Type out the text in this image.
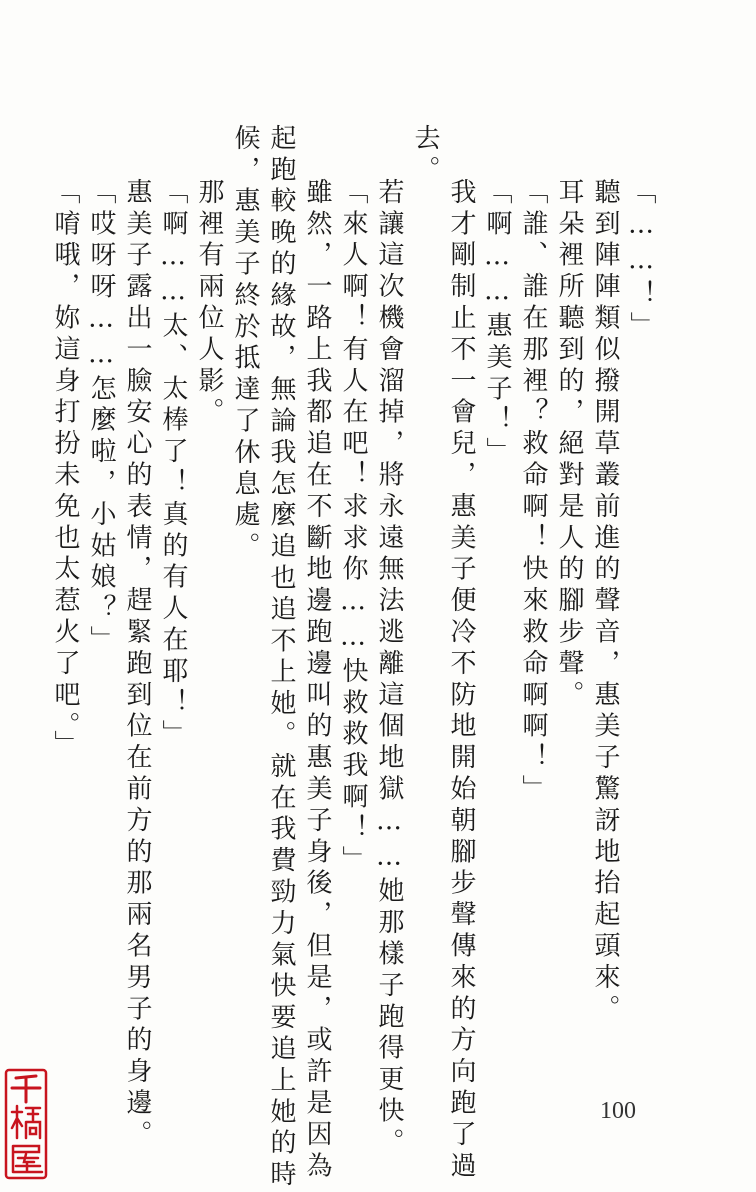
去。
我才剛制止不一會兒，惠美子便冷不防地開始朝腳步聲傳來的方向跑了過 「啊……惠美子！」 「誰、誰在那裡？救命啊！快來救命啊啊！」 耳朵裡所聽到的，絕對是人的腳步聲。 聽到陣陣類似撥開草叢前進的聲音，惠美子驚訝地抬起頭來。 「……！」
若讓這次機會溜掉，將永遠無法逃離這個地獄……她那樣子跑得更快。
「來人啊！有人在吧！求求你……快救救我啊！」
雖然，一路上我都追在不斷地邊跑邊叫的惠美子身後，但是，或許是因為
起跑較晚的緣故，無論我怎麼追也追不上她。就在我費勁力氣快要追上她的時
候，惠美子終於抵達了休息處。
那裡有兩位人影。
「啊……太、太棒了！真的有人在耶！」
惠美子露出一臉安心的表情，趕緊跑到位在前方的那兩名男子的身邊。
「哎呀呀……怎麼啦，小姑娘？」
「唷哦，妳這身打扮未免也太惹火了吧。」
100
